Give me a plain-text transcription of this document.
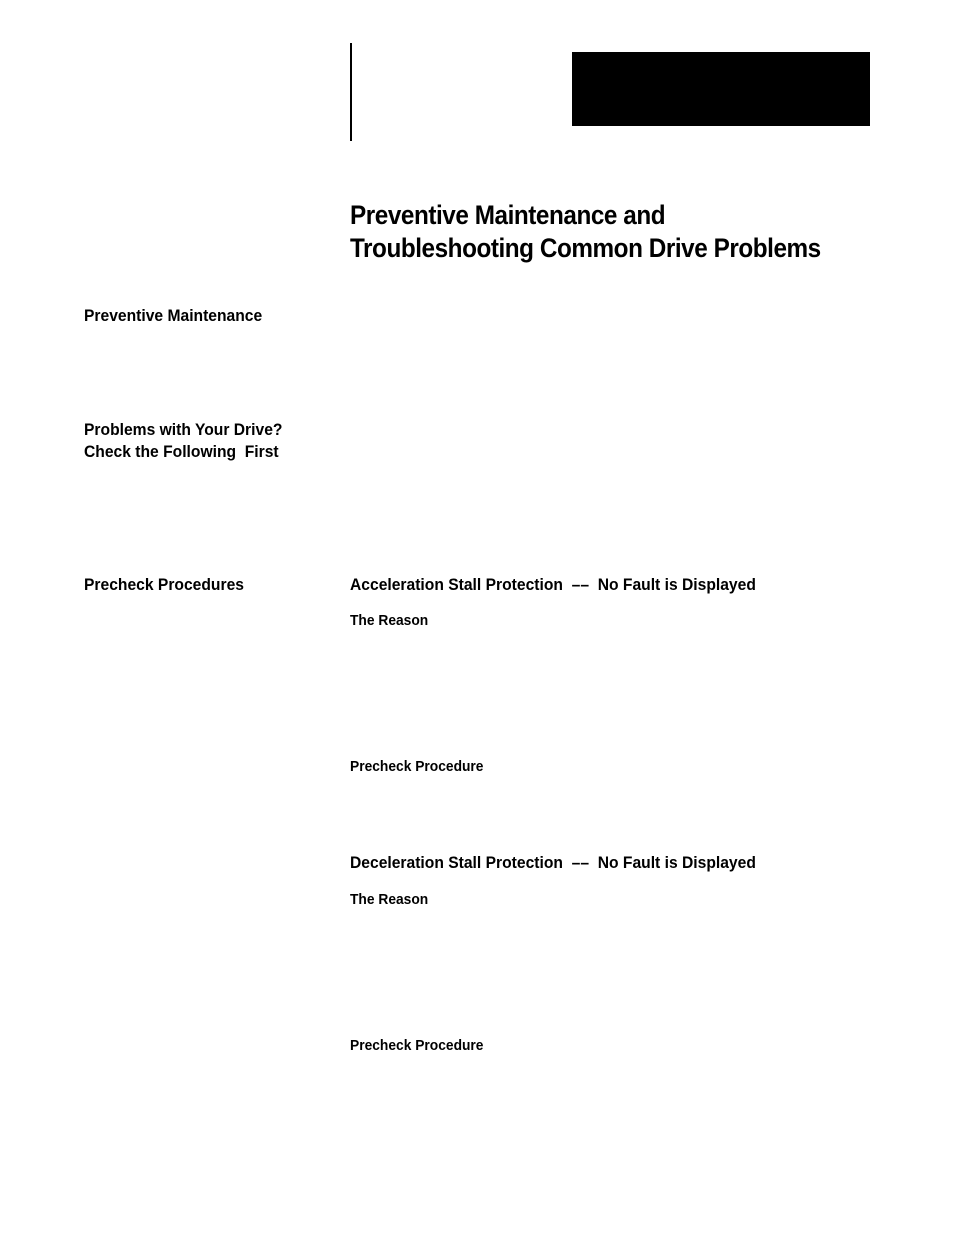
Preventive Maintenance and
Troubleshooting Common Drive Problems
Preventive Maintenance
Problems with Your Drive?
Check the Following  First
Precheck Procedures	Acceleration Stall Protection  ––  No Fault is Displayed
The Reason
Precheck Procedure
Deceleration Stall Protection  ––  No Fault is Displayed
The Reason
Precheck Procedure
